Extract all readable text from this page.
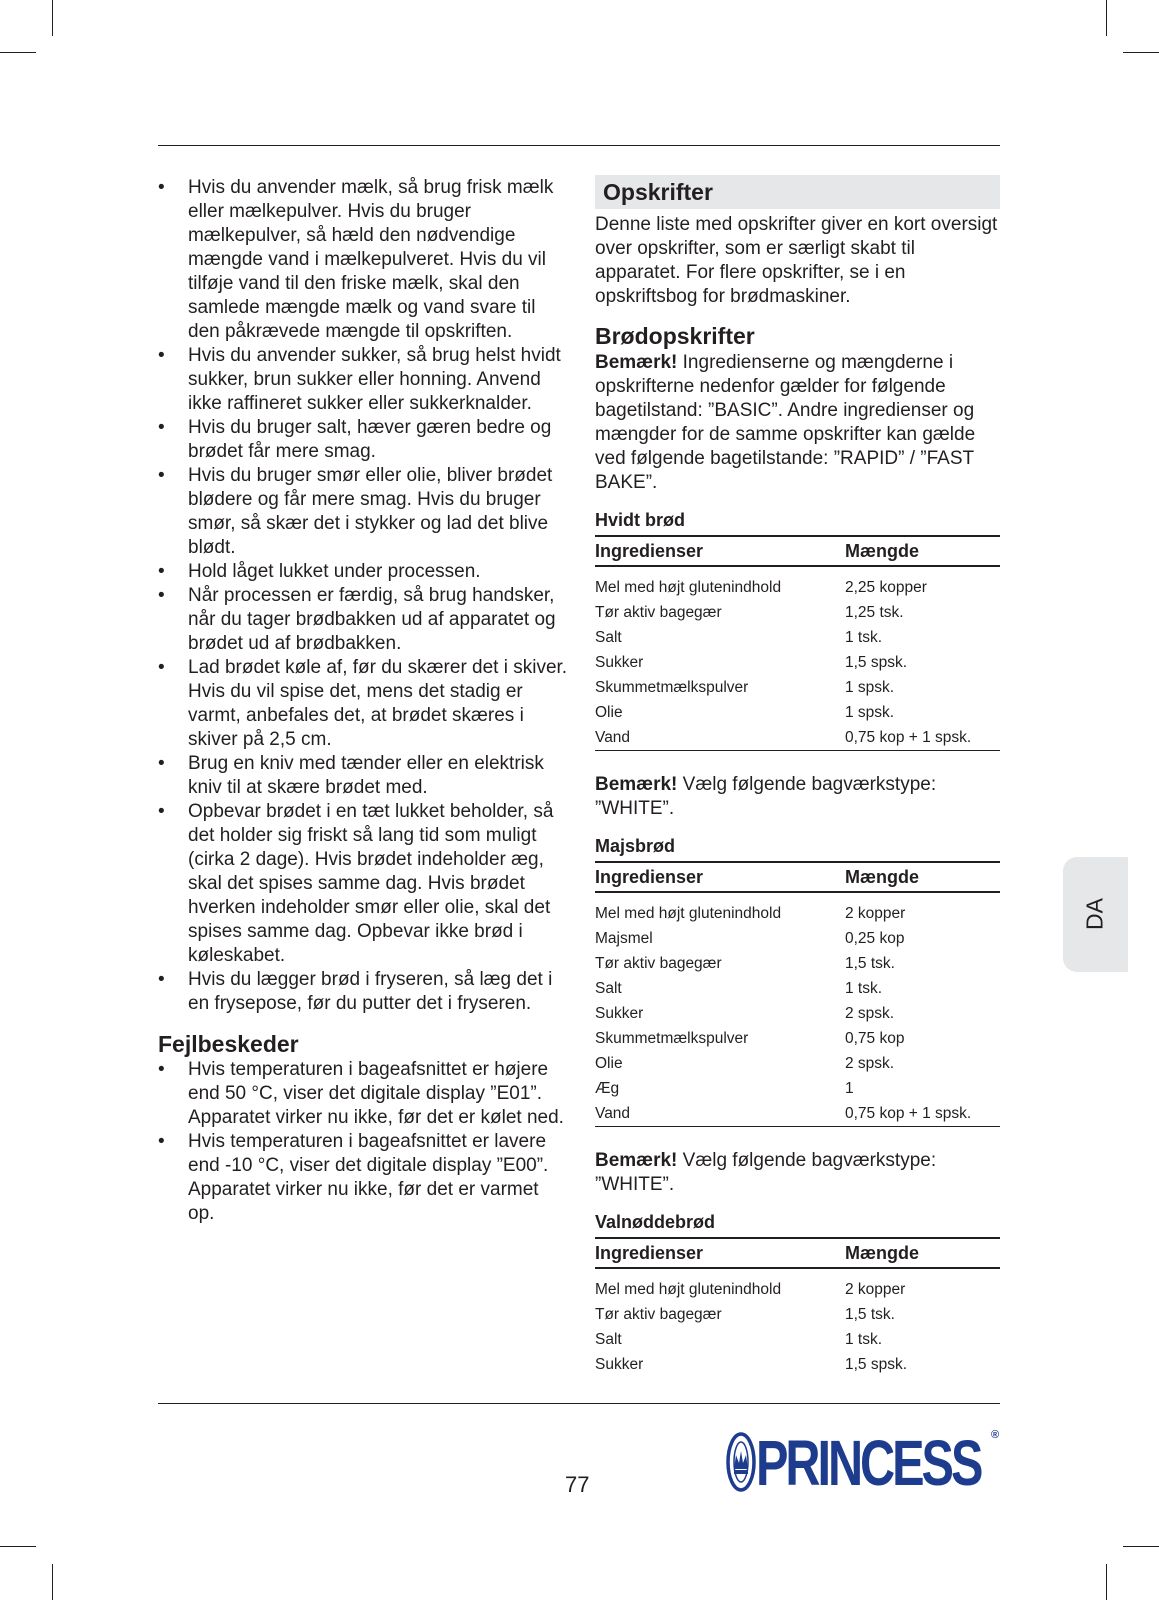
• Hvis du anvender mælk, så brug frisk mælk eller mælkepulver. Hvis du bruger mælkepulver, så hæld den nødvendige mængde vand i mælkepulveret. Hvis du vil tilføje vand til den friske mælk, skal den samlede mængde mælk og vand svare til den påkrævede mængde til opskriften.
• Hvis du anvender sukker, så brug helst hvidt sukker, brun sukker eller honning. Anvend ikke raffineret sukker eller sukkerknalder.
• Hvis du bruger salt, hæver gæren bedre og brødet får mere smag.
• Hvis du bruger smør eller olie, bliver brødet blødere og får mere smag. Hvis du bruger smør, så skær det i stykker og lad det blive blødt.
• Hold låget lukket under processen.
• Når processen er færdig, så brug handsker, når du tager brødbakken ud af apparatet og brødet ud af brødbakken.
• Lad brødet køle af, før du skærer det i skiver. Hvis du vil spise det, mens det stadig er varmt, anbefales det, at brødet skæres i skiver på 2,5 cm.
• Brug en kniv med tænder eller en elektrisk kniv til at skære brødet med.
• Opbevar brødet i en tæt lukket beholder, så det holder sig friskt så lang tid som muligt (cirka 2 dage). Hvis brødet indeholder æg, skal det spises samme dag. Hvis brødet hverken indeholder smør eller olie, skal det spises samme dag. Opbevar ikke brød i køleskabet.
• Hvis du lægger brød i fryseren, så læg det i en frysepose, før du putter det i fryseren.
Fejlbeskeder
• Hvis temperaturen i bageafsnittet er højere end 50 °C, viser det digitale display ”E01”. Apparatet virker nu ikke, før det er kølet ned.
• Hvis temperaturen i bageafsnittet er lavere end -10 °C, viser det digitale display ”E00”. Apparatet virker nu ikke, før det er varmet op.
Opskrifter

Denne liste med opskrifter giver en kort oversigt over opskrifter, som er særligt skabt til apparatet. For flere opskrifter, se i en opskriftsbog for brødmaskiner.

Brødopskrifter

Bemærk! Ingredienserne og mængderne i opskrifterne nedenfor gælder for følgende bagetilstand: ”BASIC”. Andre ingredienser og mængder for de samme opskrifter kan gælde ved følgende bagetilstande: ”RAPID” / ”FAST BAKE”.

Hvidt brød
Ingredienser	Mængde
Mel med højt glutenindhold	2,25 kopper
Tør aktiv bagegær	1,25 tsk.
Salt	1 tsk.
Sukker	1,5 spsk.
Skummetmælkspulver	1 spsk.
Olie	1 spsk.
Vand	0,75 kop + 1 spsk.

Bemærk! Vælg følgende bagværkstype: ”WHITE”.

Majsbrød
Ingredienser	Mængde
Mel med højt glutenindhold	2 kopper
Majsmel	0,25 kop
Tør aktiv bagegær	1,5 tsk.
Salt	1 tsk.
Sukker	2 spsk.
Skummetmælkspulver	0,75 kop
Olie	2 spsk.
Æg	1
Vand	0,75 kop + 1 spsk.

Bemærk! Vælg følgende bagværkstype: ”WHITE”.

Valnøddebrød
Ingredienser	Mængde
Mel med højt glutenindhold	2 kopper
Tør aktiv bagegær	1,5 tsk.
Salt	1 tsk.
Sukker	1,5 spsk.
DA
77	PRINCESS ®
